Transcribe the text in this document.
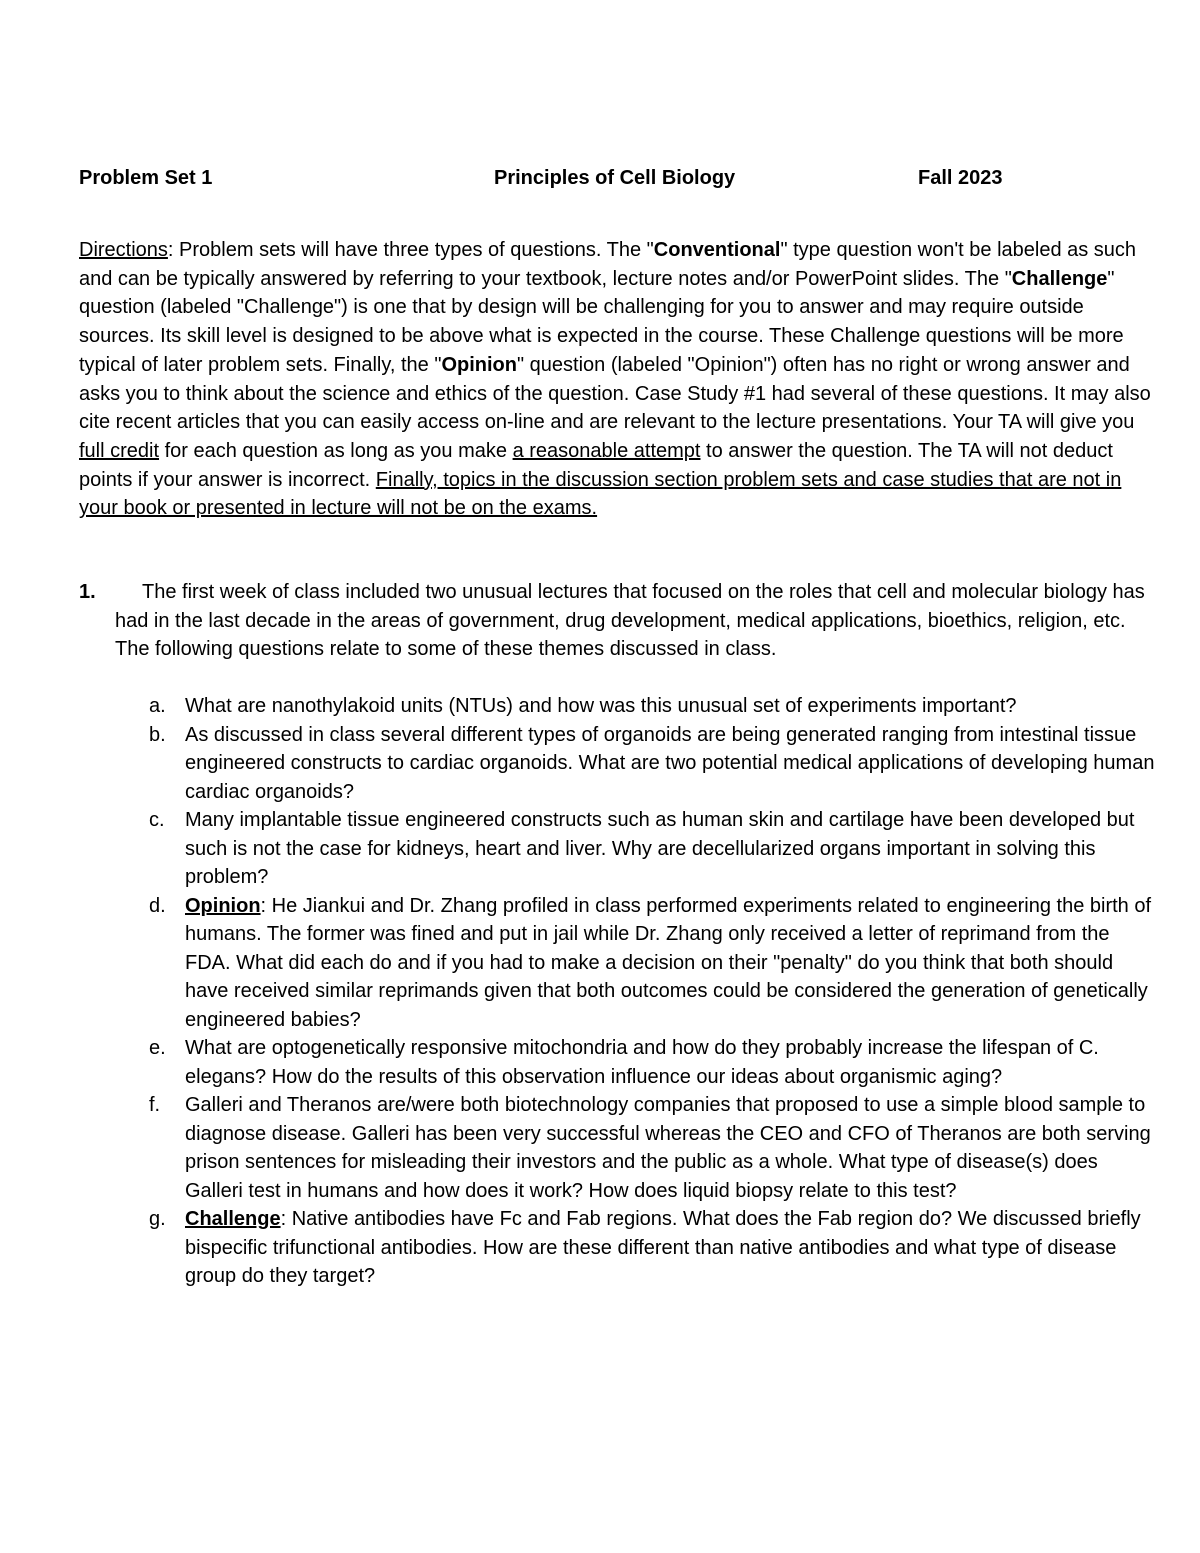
Problem Set 1	Principles of Cell Biology	Fall 2023
Directions: Problem sets will have three types of questions. The "Conventional" type question won't be labeled as such and can be typically answered by referring to your textbook, lecture notes and/or PowerPoint slides. The "Challenge" question (labeled "Challenge") is one that by design will be challenging for you to answer and may require outside sources. Its skill level is designed to be above what is expected in the course. These Challenge questions will be more typical of later problem sets. Finally, the "Opinion" question (labeled "Opinion") often has no right or wrong answer and asks you to think about the science and ethics of the question. Case Study #1 had several of these questions. It may also cite recent articles that you can easily access on-line and are relevant to the lecture presentations. Your TA will give you full credit for each question as long as you make a reasonable attempt to answer the question. The TA will not deduct points if your answer is incorrect. Finally, topics in the discussion section problem sets and case studies that are not in your book or presented in lecture will not be on the exams.
1.	The first week of class included two unusual lectures that focused on the roles that cell and molecular biology has had in the last decade in the areas of government, drug development, medical applications, bioethics, religion, etc. The following questions relate to some of these themes discussed in class.
a. What are nanothylakoid units (NTUs) and how was this unusual set of experiments important?
b. As discussed in class several different types of organoids are being generated ranging from intestinal tissue engineered constructs to cardiac organoids. What are two potential medical applications of developing human cardiac organoids?
c. Many implantable tissue engineered constructs such as human skin and cartilage have been developed but such is not the case for kidneys, heart and liver. Why are decellularized organs important in solving this problem?
d. Opinion: He Jiankui and Dr. Zhang profiled in class performed experiments related to engineering the birth of humans. The former was fined and put in jail while Dr. Zhang only received a letter of reprimand from the FDA. What did each do and if you had to make a decision on their "penalty" do you think that both should have received similar reprimands given that both outcomes could be considered the generation of genetically engineered babies?
e. What are optogenetically responsive mitochondria and how do they probably increase the lifespan of C. elegans? How do the results of this observation influence our ideas about organismic aging?
f. Galleri and Theranos are/were both biotechnology companies that proposed to use a simple blood sample to diagnose disease. Galleri has been very successful whereas the CEO and CFO of Theranos are both serving prison sentences for misleading their investors and the public as a whole. What type of disease(s) does Galleri test in humans and how does it work? How does liquid biopsy relate to this test?
g. Challenge: Native antibodies have Fc and Fab regions. What does the Fab region do? We discussed briefly bispecific trifunctional antibodies. How are these different than native antibodies and what type of disease group do they target?
